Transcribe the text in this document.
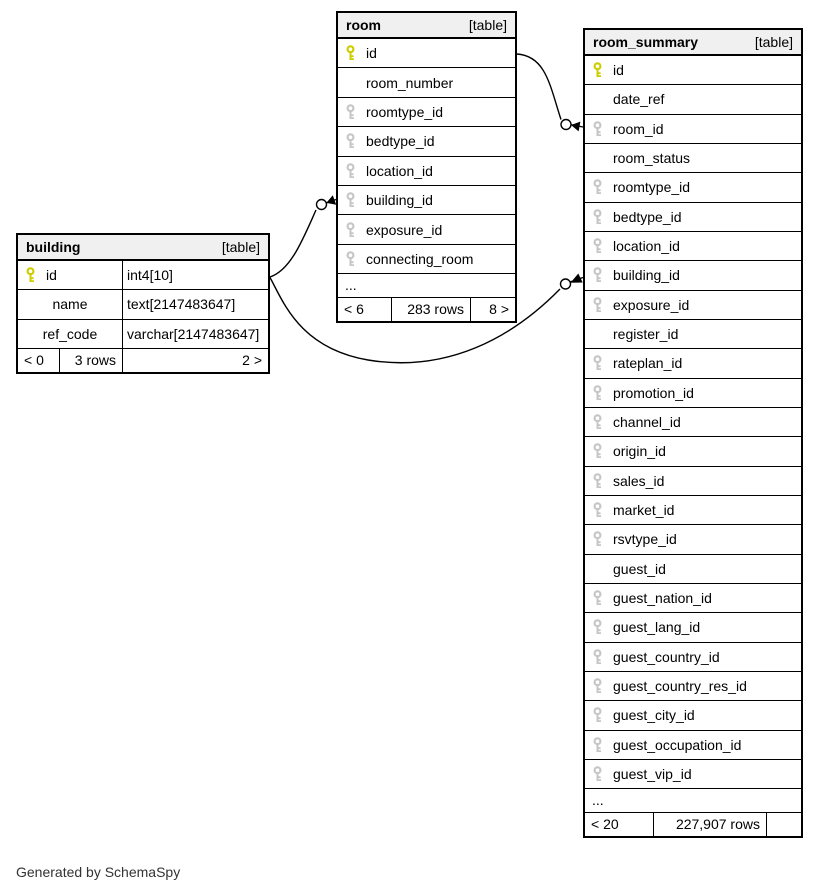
building	[table]
id	int4[10]
name	text[2147483647]
ref_code varchar[2147483647]
< 0	3 rows	2 >
room	[table]
id
room_number
roomtype_id
bedtype_id
location_id
building_id
exposure_id
connecting_room
...
< 6	283 rows	8 >
room_summary	[table]
id
date_ref
room_id
room_status
roomtype_id
bedtype_id
location_id
building_id
exposure_id
register_id
rateplan_id
promotion_id
channel_id
origin_id
sales_id
market_id
rsvtype_id
guest_id
guest_nation_id
guest_lang_id
guest_country_id
guest_country_res_id
guest_city_id
guest_occupation_id
guest_vip_id
...
< 20	227,907 rows
Generated by SchemaSpy
